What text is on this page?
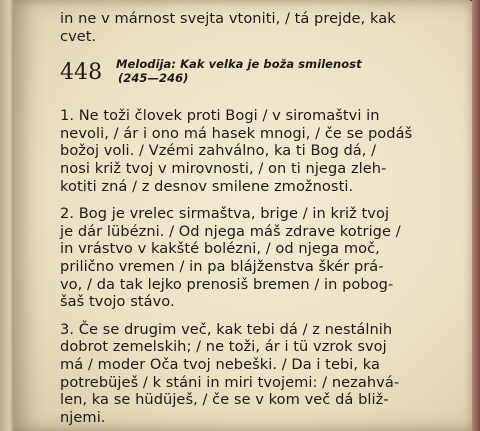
in ne v márnost svejta vtoniti, / tá prejde, kak
cvet.
448 Melodija: Kak velka je boža smilenost
(245—246)
1. Ne toži človek proti Bogi / v siromaštvi in
nevoli, / ár i ono má hasek mnogi, / če se podáš
božoj voli. / Vzémi zahválno, ka ti Bog dá, /
nosi križ tvoj v mirovnosti, / on ti njega zleh-
kotiti zná / z desnov smilene zmožnosti.
2. Bog je vrelec sirmaštva, brige / in križ tvoj
je dár lübézni. / Od njega máš zdrave kotrige /
in vrástvo v kakšté bolézni, / od njega moč,
prilično vremen / in pa blájženstva škér prá-
vo, / da tak lejko prenosiš bremen / in pobog-
šaš tvojo stávo.
3. Če se drugim več, kak tebi dá / z nestálnih
dobrot zemelskih; / ne toži, ár i tü vzrok svoj
má / moder Oča tvoj nebeški. / Da i tebi, ka
potrebüješ / k stáni in miri tvojemi: / nezahvá-
len, ka se hüdüješ, / če se v kom več dá bliž-
njemi.
